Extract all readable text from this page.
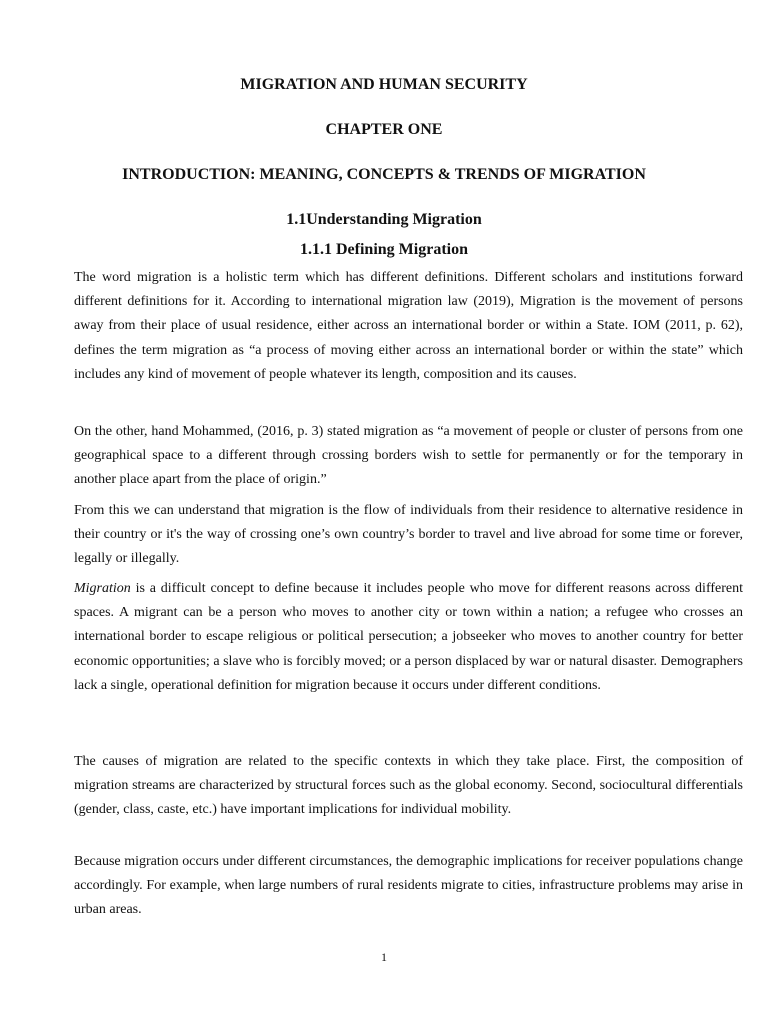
MIGRATION AND HUMAN SECURITY
CHAPTER ONE
INTRODUCTION: MEANING, CONCEPTS & TRENDS OF MIGRATION
1.1Understanding Migration
1.1.1 Defining Migration

The word migration is a holistic term which has different definitions. Different scholars and institutions forward different definitions for it. According to international migration law (2019), Migration is the movement of persons away from their place of usual residence, either across an international border or within a State. IOM (2011, p. 62), defines the term migration as “a process of moving either across an international border or within the state” which includes any kind of movement of people whatever its length, composition and its causes.

On the other, hand Mohammed, (2016, p. 3) stated migration as “a movement of people or cluster of persons from one geographical space to a different through crossing borders wish to settle for permanently or for the temporary in another place apart from the place of origin.”

From this we can understand that migration is the flow of individuals from their residence to alternative residence in their country or it's the way of crossing one’s own country’s border to travel and live abroad for some time or forever, legally or illegally.

Migration is a difficult concept to define because it includes people who move for different reasons across different spaces. A migrant can be a person who moves to another city or town within a nation; a refugee who crosses an international border to escape religious or political persecution; a jobseeker who moves to another country for better economic opportunities; a slave who is forcibly moved; or a person displaced by war or natural disaster. Demographers lack a single, operational definition for migration because it occurs under different conditions.

The causes of migration are related to the specific contexts in which they take place. First, the composition of migration streams are characterized by structural forces such as the global economy. Second, sociocultural differentials (gender, class, caste, etc.) have important implications for individual mobility.

Because migration occurs under different circumstances, the demographic implications for receiver populations change accordingly. For example, when large numbers of rural residents migrate to cities, infrastructure problems may arise in urban areas.

1
